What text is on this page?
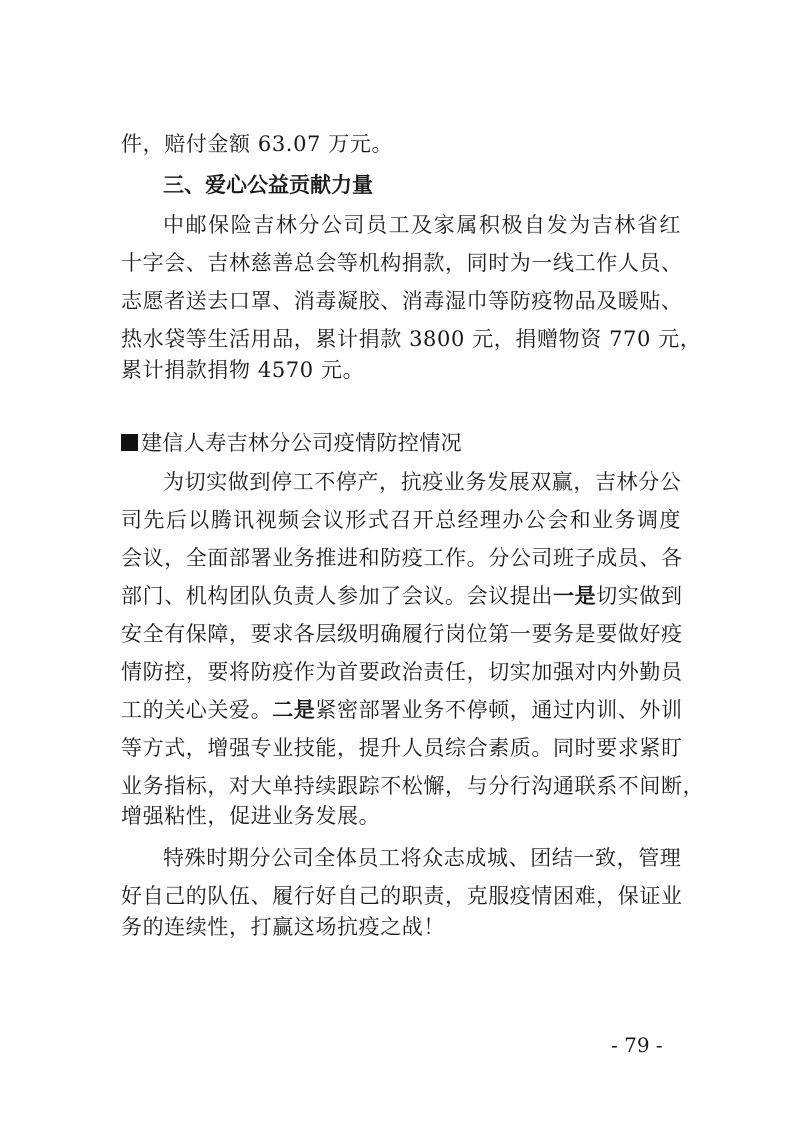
件，赔付金额 63.07 万元。
三、爱心公益贡献力量
中邮保险吉林分公司员工及家属积极自发为吉林省红
十字会、吉林慈善总会等机构捐款，同时为一线工作人员、
志愿者送去口罩、消毒凝胶、消毒湿巾等防疫物品及暖贴、
热水袋等生活用品，累计捐款 3800 元，捐赠物资 770 元，
累计捐款捐物 4570 元。
建信人寿吉林分公司疫情防控情况
为切实做到停工不停产，抗疫业务发展双赢，吉林分公
司先后以腾讯视频会议形式召开总经理办公会和业务调度
会议，全面部署业务推进和防疫工作。分公司班子成员、各
部门、机构团队负责人参加了会议。会议提出一是切实做到
安全有保障，要求各层级明确履行岗位第一要务是要做好疫
情防控，要将防疫作为首要政治责任，切实加强对内外勤员
工的关心关爱。二是紧密部署业务不停顿，通过内训、外训
等方式，增强专业技能，提升人员综合素质。同时要求紧盯
业务指标，对大单持续跟踪不松懈，与分行沟通联系不间断，
增强粘性，促进业务发展。
特殊时期分公司全体员工将众志成城、团结一致，管理
好自己的队伍、履行好自己的职责，克服疫情困难，保证业
务的连续性，打赢这场抗疫之战！
- 79 -
